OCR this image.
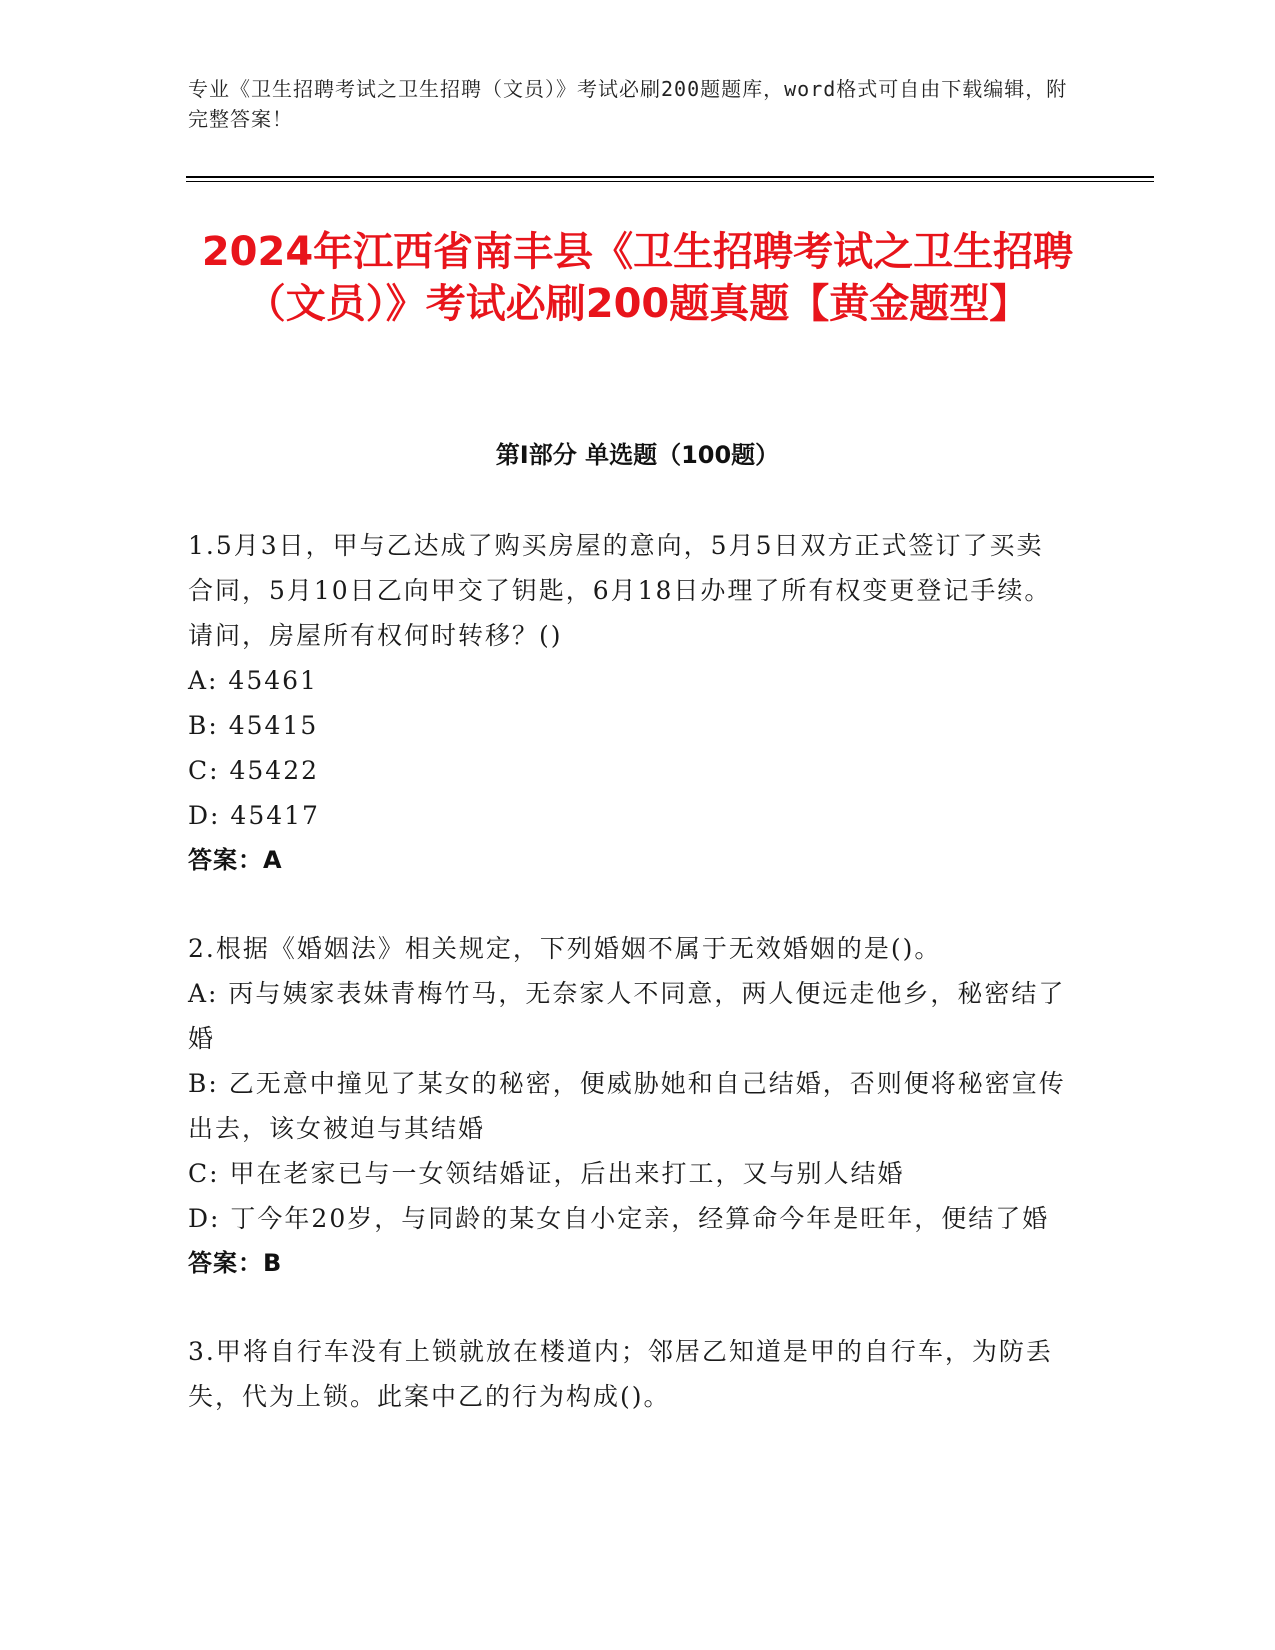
专业《卫生招聘考试之卫生招聘（文员）》考试必刷200题题库，word格式可自由下载编辑，附完整答案！
2024年江西省南丰县《卫生招聘考试之卫生招聘（文员）》考试必刷200题真题【黄金题型】
第I部分 单选题（100题）

1.5月3日，甲与乙达成了购买房屋的意向，5月5日双方正式签订了买卖合同，5月10日乙向甲交了钥匙，6月18日办理了所有权变更登记手续。请问，房屋所有权何时转移？()

A: 45461

B: 45415

C: 45422

D: 45417

答案：A

2.根据《婚姻法》相关规定，下列婚姻不属于无效婚姻的是()。

A: 丙与姨家表妹青梅竹马，无奈家人不同意，两人便远走他乡，秘密结了婚

B: 乙无意中撞见了某女的秘密，便威胁她和自己结婚，否则便将秘密宣传出去，该女被迫与其结婚

C: 甲在老家已与一女领结婚证，后出来打工，又与别人结婚

D: 丁今年20岁，与同龄的某女自小定亲，经算命今年是旺年，便结了婚

答案：B

3.甲将自行车没有上锁就放在楼道内；邻居乙知道是甲的自行车，为防丢失，代为上锁。此案中乙的行为构成()。
